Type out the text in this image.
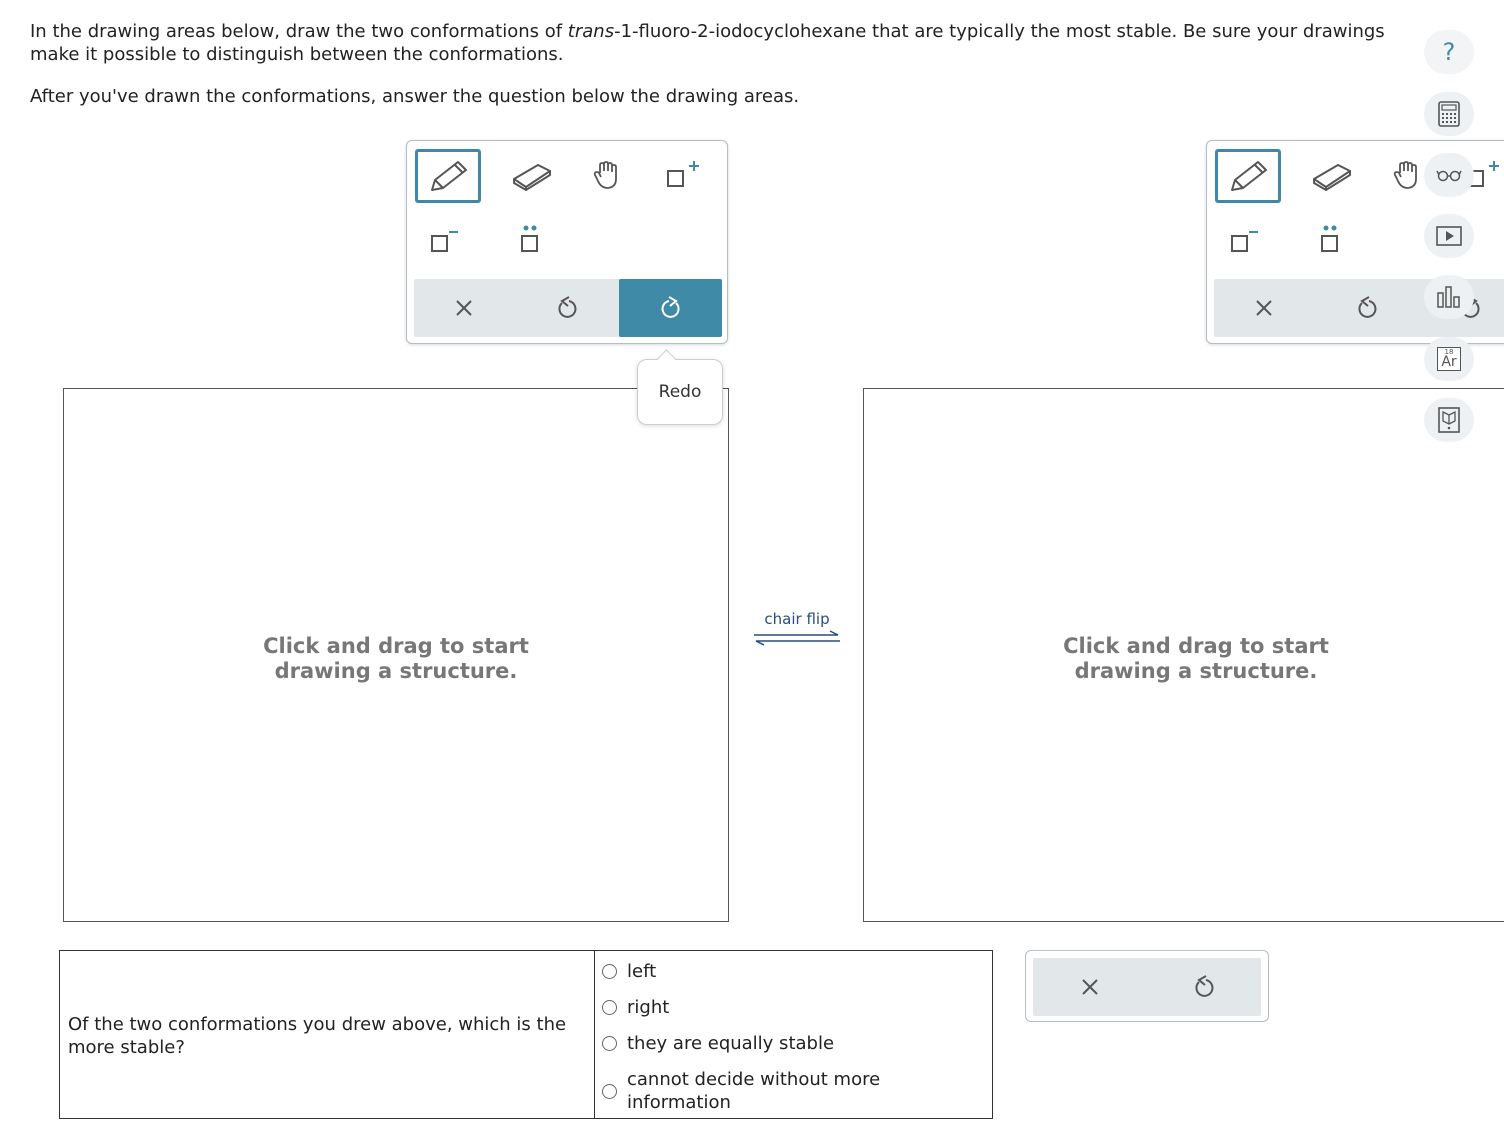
In the drawing areas below, draw the two conformations of trans-1-fluoro-2-iodocyclohexane that are typically the most stable. Be sure your drawings make it possible to distinguish between the conformations.

After you've drawn the conformations, answer the question below the drawing areas.

Redo
Click and drag to start
drawing a structure.
Click and drag to start
drawing a structure.
chair flip
?
18
Ar
Of the two conformations you drew above, which is the more stable?
left
right
they are equally stable
cannot decide without more information
